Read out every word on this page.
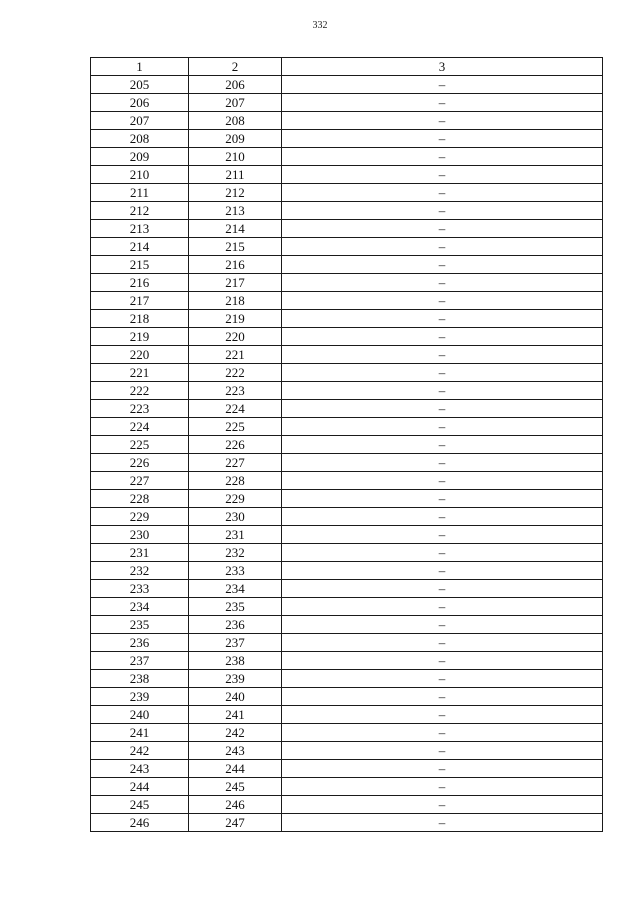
332
1	2	3
205	206	–
206	207	–
207	208	–
208	209	–
209	210	–
210	211	–
211	212	–
212	213	–
213	214	–
214	215	–
215	216	–
216	217	–
217	218	–
218	219	–
219	220	–
220	221	–
221	222	–
222	223	–
223	224	–
224	225	–
225	226	–
226	227	–
227	228	–
228	229	–
229	230	–
230	231	–
231	232	–
232	233	–
233	234	–
234	235	–
235	236	–
236	237	–
237	238	–
238	239	–
239	240	–
240	241	–
241	242	–
242	243	–
243	244	–
244	245	–
245	246	–
246	247	–
